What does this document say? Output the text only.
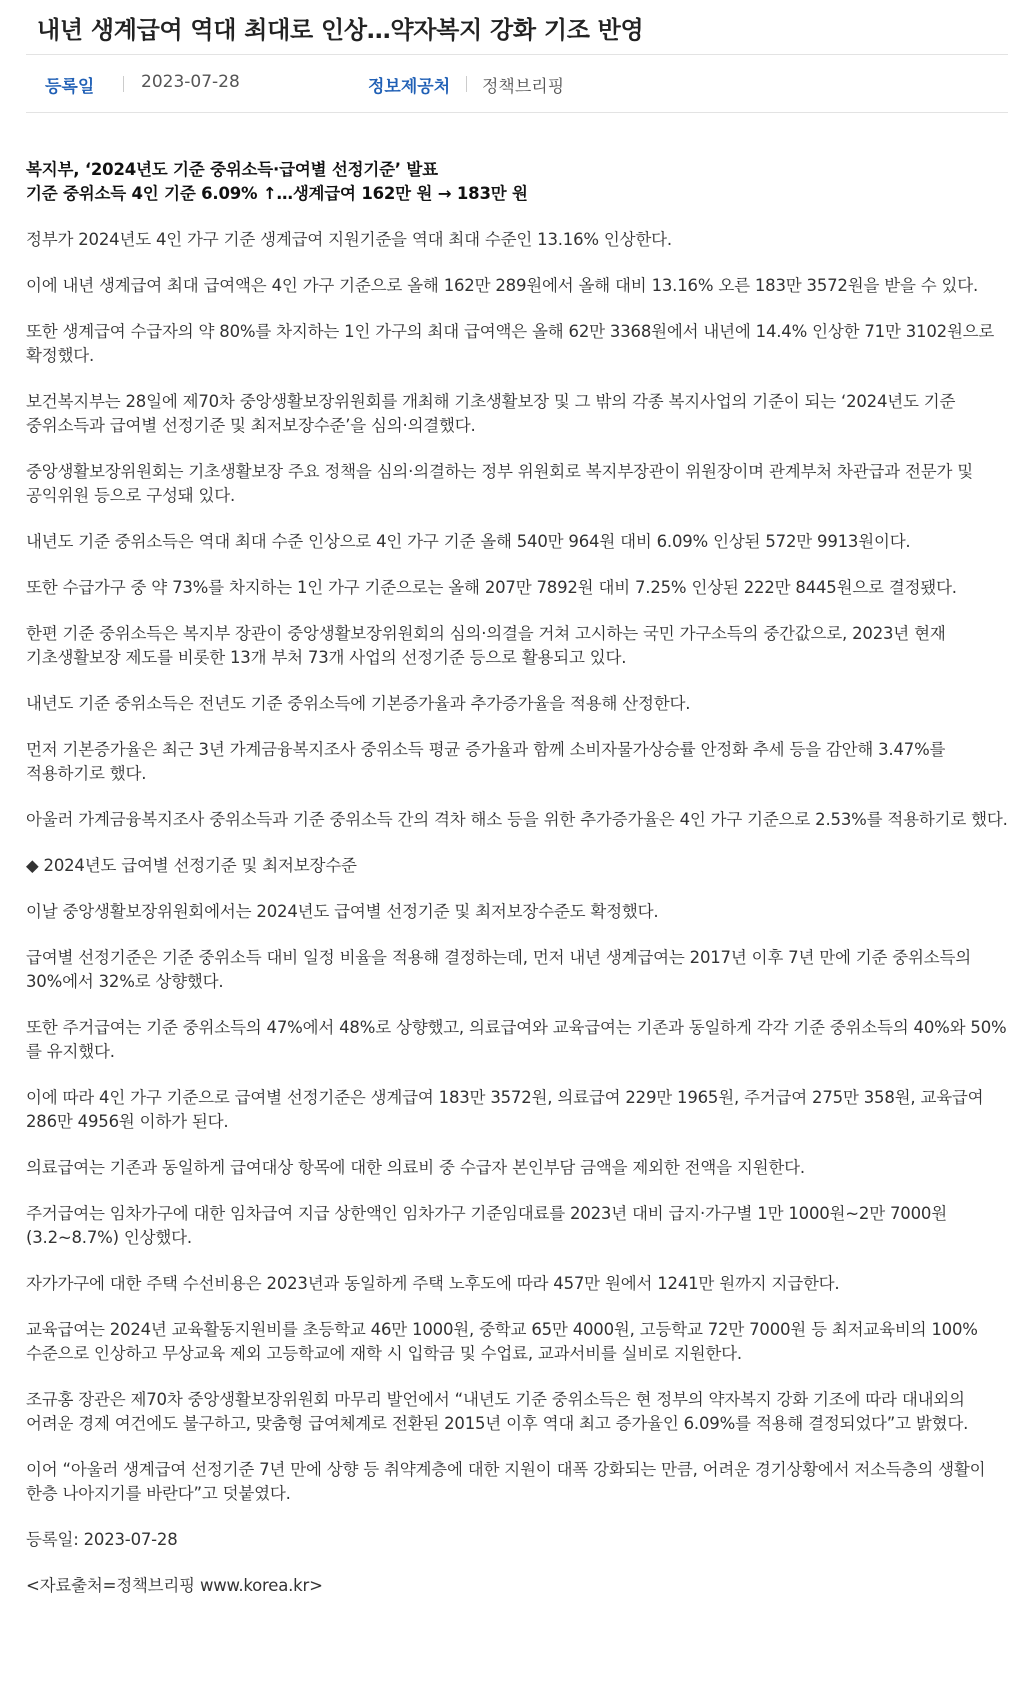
내년 생계급여 역대 최대로 인상…약자복지 강화 기조 반영
등록일	2023-07-28	정보제공처 정책브리핑
복지부, ‘2024년도 기준 중위소득·급여별 선정기준’ 발표
기준 중위소득 4인 기준 6.09% ↑…생계급여 162만 원 → 183만 원

정부가 2024년도 4인 가구 기준 생계급여 지원기준을 역대 최대 수준인 13.16% 인상한다.

이에 내년 생계급여 최대 급여액은 4인 가구 기준으로 올해 162만 289원에서 올해 대비 13.16% 오른 183만 3572원을 받을 수 있다.

또한 생계급여 수급자의 약 80%를 차지하는 1인 가구의 최대 급여액은 올해 62만 3368원에서 내년에 14.4% 인상한 71만 3102원으로 확정했다.

보건복지부는 28일에 제70차 중앙생활보장위원회를 개최해 기초생활보장 및 그 밖의 각종 복지사업의 기준이 되는 ‘2024년도 기준 중위소득과 급여별 선정기준 및 최저보장수준’을 심의·의결했다.

중앙생활보장위원회는 기초생활보장 주요 정책을 심의·의결하는 정부 위원회로 복지부장관이 위원장이며 관계부처 차관급과 전문가 및 공익위원 등으로 구성돼 있다.

내년도 기준 중위소득은 역대 최대 수준 인상으로 4인 가구 기준 올해 540만 964원 대비 6.09% 인상된 572만 9913원이다.

또한 수급가구 중 약 73%를 차지하는 1인 가구 기준으로는 올해 207만 7892원 대비 7.25% 인상된 222만 8445원으로 결정됐다.

한편 기준 중위소득은 복지부 장관이 중앙생활보장위원회의 심의·의결을 거쳐 고시하는 국민 가구소득의 중간값으로, 2023년 현재 기초생활보장 제도를 비롯한 13개 부처 73개 사업의 선정기준 등으로 활용되고 있다.

내년도 기준 중위소득은 전년도 기준 중위소득에 기본증가율과 추가증가율을 적용해 산정한다.

먼저 기본증가율은 최근 3년 가계금융복지조사 중위소득 평균 증가율과 함께 소비자물가상승률 안정화 추세 등을 감안해 3.47%를 적용하기로 했다.

아울러 가계금융복지조사 중위소득과 기준 중위소득 간의 격차 해소 등을 위한 추가증가율은 4인 가구 기준으로 2.53%를 적용하기로 했다.

◆ 2024년도 급여별 선정기준 및 최저보장수준

이날 중앙생활보장위원회에서는 2024년도 급여별 선정기준 및 최저보장수준도 확정했다.

급여별 선정기준은 기준 중위소득 대비 일정 비율을 적용해 결정하는데, 먼저 내년 생계급여는 2017년 이후 7년 만에 기준 중위소득의 30%에서 32%로 상향했다.

또한 주거급여는 기준 중위소득의 47%에서 48%로 상향했고, 의료급여와 교육급여는 기존과 동일하게 각각 기준 중위소득의 40%와 50%를 유지했다.

이에 따라 4인 가구 기준으로 급여별 선정기준은 생계급여 183만 3572원, 의료급여 229만 1965원, 주거급여 275만 358원, 교육급여 286만 4956원 이하가 된다.

의료급여는 기존과 동일하게 급여대상 항목에 대한 의료비 중 수급자 본인부담 금액을 제외한 전액을 지원한다.

주거급여는 임차가구에 대한 임차급여 지급 상한액인 임차가구 기준임대료를 2023년 대비 급지·가구별 1만 1000원~2만 7000원(3.2~8.7%) 인상했다.

자가가구에 대한 주택 수선비용은 2023년과 동일하게 주택 노후도에 따라 457만 원에서 1241만 원까지 지급한다.

교육급여는 2024년 교육활동지원비를 초등학교 46만 1000원, 중학교 65만 4000원, 고등학교 72만 7000원 등 최저교육비의 100% 수준으로 인상하고 무상교육 제외 고등학교에 재학 시 입학금 및 수업료, 교과서비를 실비로 지원한다.

조규홍 장관은 제70차 중앙생활보장위원회 마무리 발언에서 “내년도 기준 중위소득은 현 정부의 약자복지 강화 기조에 따라 대내외의 어려운 경제 여건에도 불구하고, 맞춤형 급여체계로 전환된 2015년 이후 역대 최고 증가율인 6.09%를 적용해 결정되었다”고 밝혔다.

이어 “아울러 생계급여 선정기준 7년 만에 상향 등 취약계층에 대한 지원이 대폭 강화되는 만큼, 어려운 경기상황에서 저소득층의 생활이 한층 나아지기를 바란다”고 덧붙였다.

등록일: 2023-07-28

<자료출처=정책브리핑 www.korea.kr>
